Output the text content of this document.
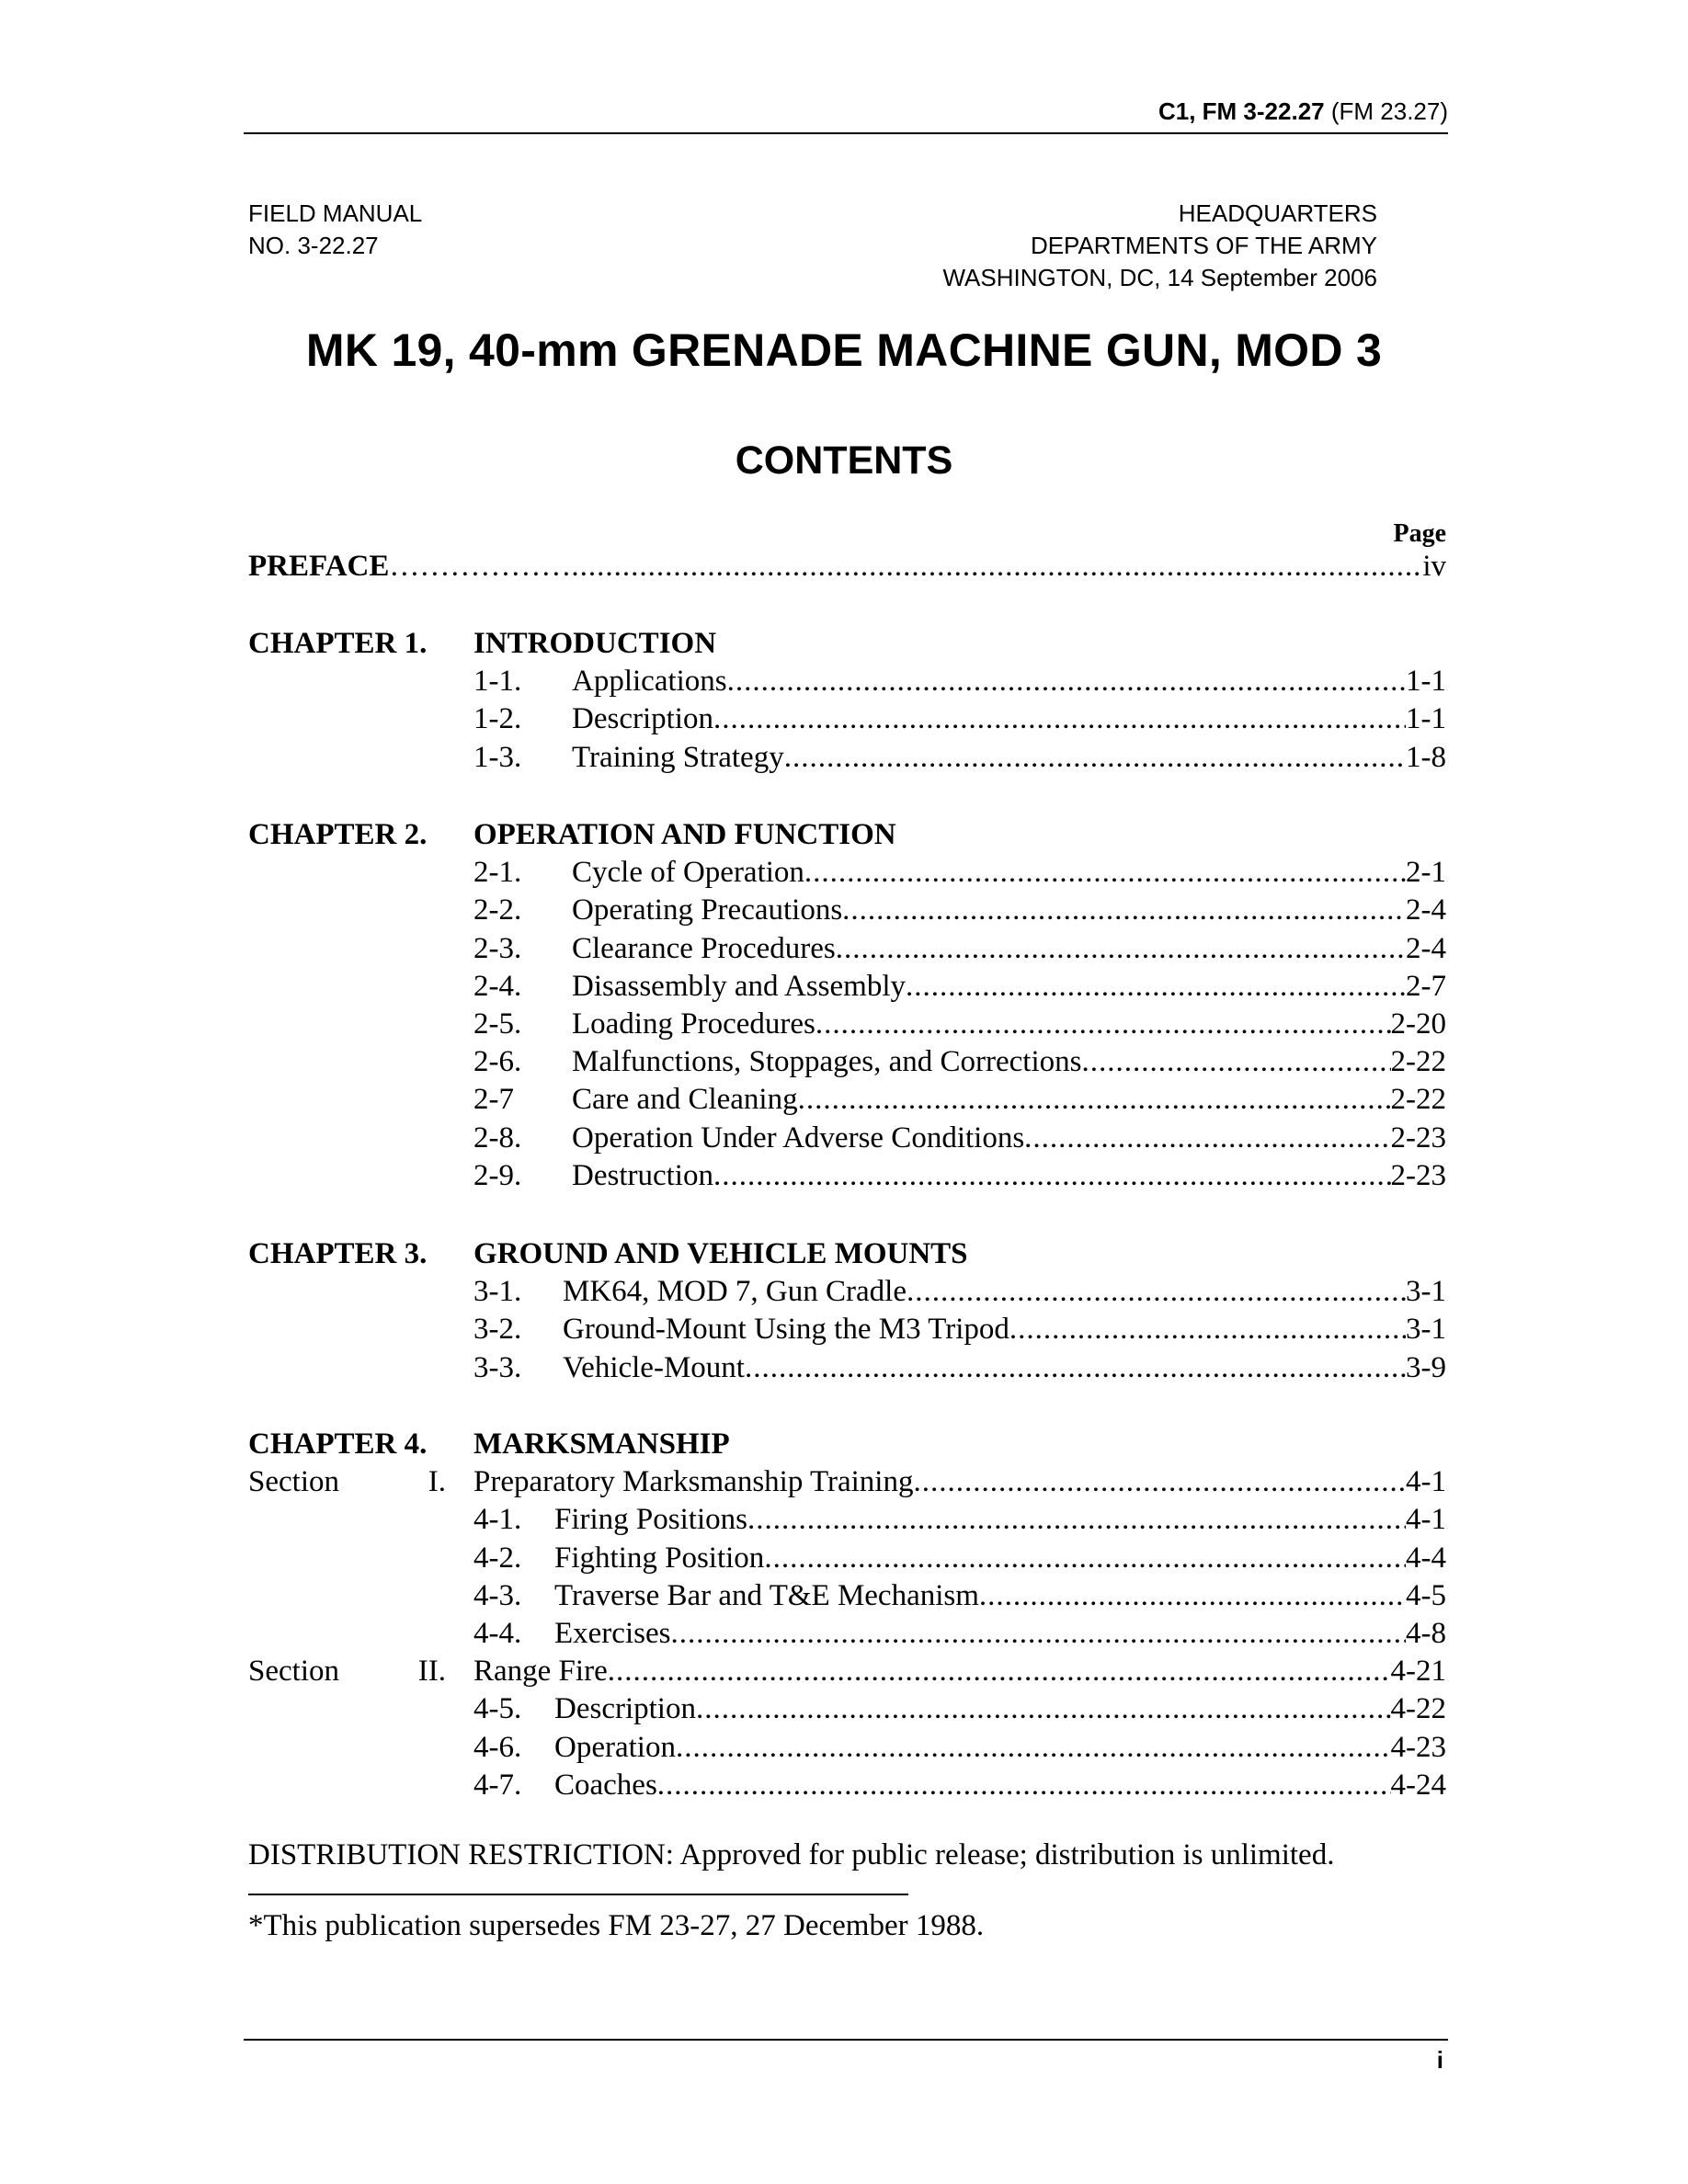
C1, FM 3-22.27 (FM 23.27)
FIELD MANUAL
NO. 3-22.27
HEADQUARTERS
DEPARTMENTS OF THE ARMY
WASHINGTON, DC, 14 September 2006
MK 19, 40-mm GRENADE MACHINE GUN, MOD 3
CONTENTS
Page
PREFACE ……………… .....	iv
CHAPTER 1. INTRODUCTION
1-1. Applications .....	1-1
1-2. Description .....	1-1
1-3. Training Strategy .....	1-8
CHAPTER 2. OPERATION AND FUNCTION
2-1. Cycle of Operation .....	2-1
2-2. Operating Precautions .....	2-4
2-3. Clearance Procedures .....	2-4
2-4. Disassembly and Assembly .....	2-7
2-5. Loading Procedures .....	2-20
2-6. Malfunctions, Stoppages, and Corrections .....	2-22
2-7 Care and Cleaning .....	2-22
2-8. Operation Under Adverse Conditions .....	2-23
2-9. Destruction .....	2-23
CHAPTER 3. GROUND AND VEHICLE MOUNTS
3-1. MK64, MOD 7, Gun Cradle .....	3-1
3-2. Ground-Mount Using the M3 Tripod .....	3-1
3-3. Vehicle-Mount .....	3-9
CHAPTER 4. MARKSMANSHIP
Section	I. Preparatory Marksmanship Training .....	4-1
4-1. Firing Positions .....	4-1
4-2. Fighting Position .....	4-4
4-3. Traverse Bar and T&E Mechanism .....	4-5
4-4. Exercises .....	4-8
Section	II. Range Fire .....	4-21
4-5. Description .....	4-22
4-6. Operation .....	4-23
4-7. Coaches .....	4-24
DISTRIBUTION RESTRICTION: Approved for public release; distribution is unlimited.
*This publication supersedes FM 23-27, 27 December 1988.
i
